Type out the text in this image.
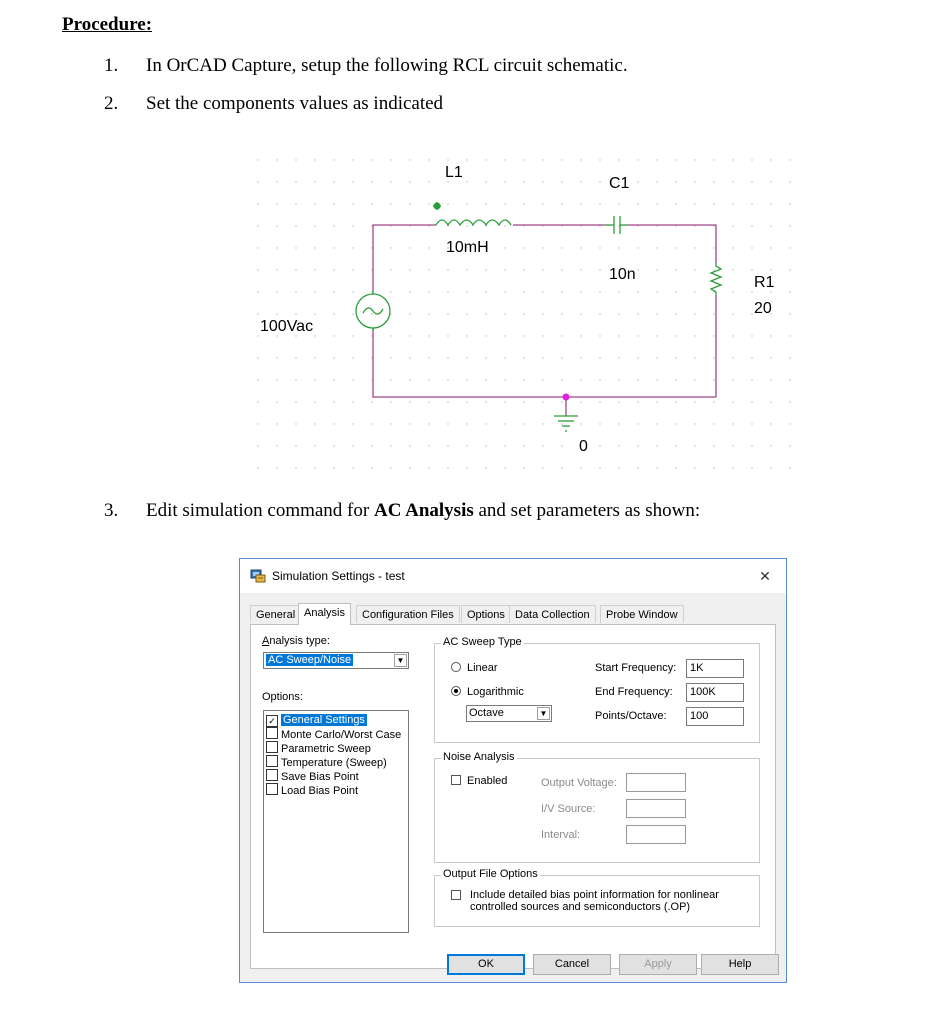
Procedure:
1. In OrCAD Capture, setup the following RCL circuit schematic.
2. Set the components values as indicated
L1
10mH
C1
10n	R1
20
100Vac
0
3. Edit simulation command for AC Analysis and set parameters as shown:
Simulation Settings - test	✕
General Analysis	Configuration Files	Options Data Collection	Probe Window
Analysis type:
AC Sweep/Noise	▼
Options:
✓ General Settings
Monte Carlo/Worst Case
Parametric Sweep
Temperature (Sweep)
Save Bias Point
Load Bias Point
AC Sweep Type
Linear
Logarithmic
Octave	▼
Start Frequency:	1K
End Frequency:	100K
Points/Octave:	100
Noise Analysis
Enabled	Output Voltage:
I/V Source:
Interval:
Output File Options
Include detailed bias point information for nonlinear
controlled sources and semiconductors (.OP)
OK	Cancel	Apply	Help
